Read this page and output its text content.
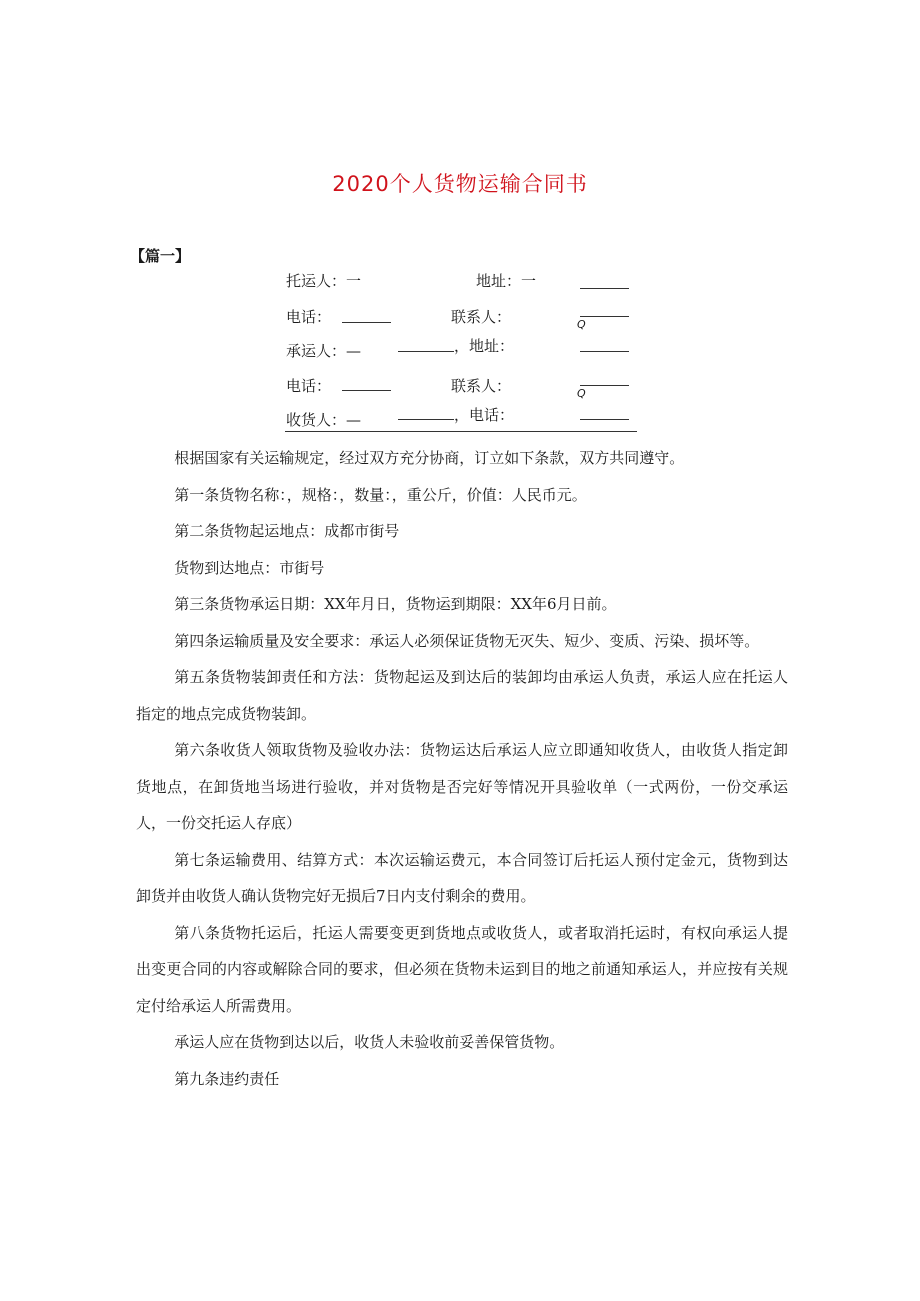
2020个人货物运输合同书
【篇一】
托运人：一	地址：一
电话：	联系人：	Q
承运人：—	，地址：
电话：	联系人：	Q
收货人：—	，电话：

根据国家有关运输规定，经过双方充分协商，订立如下条款，双方共同遵守。

第一条货物名称：，规格：，数量：，重公斤，价值：人民币元。

第二条货物起运地点：成都市街号

货物到达地点：市街号

第三条货物承运日期：XX年月日，货物运到期限：XX年6月日前。

第四条运输质量及安全要求：承运人必须保证货物无灭失、短少、变质、污染、损坏等。

第五条货物装卸责任和方法：货物起运及到达后的装卸均由承运人负责，承运人应在托运人指定的地点完成货物装卸。

第六条收货人领取货物及验收办法：货物运达后承运人应立即通知收货人，由收货人指定卸货地点，在卸货地当场进行验收，并对货物是否完好等情况开具验收单（一式两份，一份交承运人，一份交托运人存底）

第七条运输费用、结算方式：本次运输运费元，本合同签订后托运人预付定金元，货物到达卸货并由收货人确认货物完好无损后7日内支付剩余的费用。

第八条货物托运后，托运人需要变更到货地点或收货人，或者取消托运时，有权向承运人提出变更合同的内容或解除合同的要求，但必须在货物未运到目的地之前通知承运人，并应按有关规定付给承运人所需费用。

承运人应在货物到达以后，收货人未验收前妥善保管货物。

第九条违约责任
